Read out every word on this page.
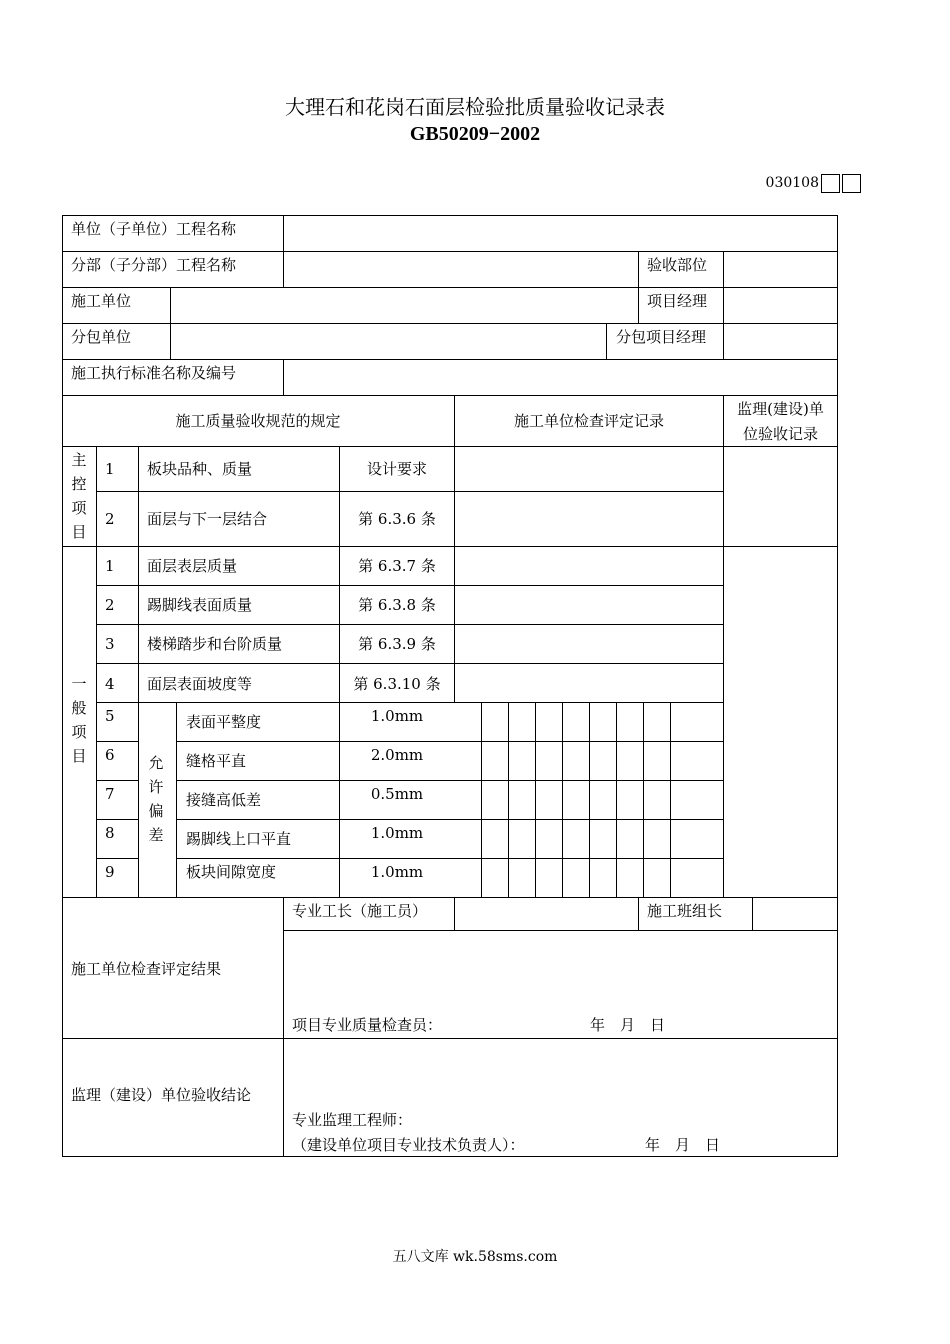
大理石和花岗石面层检验批质量验收记录表
GB50209−2002
030108
单位（子单位）工程名称
分部（子分部）工程名称	验收部位
施工单位	项目经理
分包单位	分包项目经理
施工执行标准名称及编号
施工质量验收规范的规定	施工单位检查评定记录
监理(建设)单
位验收记录
主
控
项
目
1 板块品种、质量	设计要求
2 面层与下一层结合	第 6.3.6 条
一
般
项
目
1 面层表层质量	第 6.3.7 条
2 踢脚线表面质量	第 6.3.8 条
3 楼梯踏步和台阶质量	第 6.3.9 条
4 面层表面坡度等	第 6.3.10 条
允
许
偏
差
5	表面平整度	1.0mm
6	缝格平直	2.0mm
7	接缝高低差	0.5mm
8	踢脚线上口平直	1.0mm
9	板块间隙宽度	1.0mm
专业工长（施工员）	施工班组长
施工单位检查评定结果
项目专业质量检查员：	年　月　日
监理（建设）单位验收结论
专业监理工程师：
（建设单位项目专业技术负责人）：	年　月　日
五八文库 wk.58sms.com
